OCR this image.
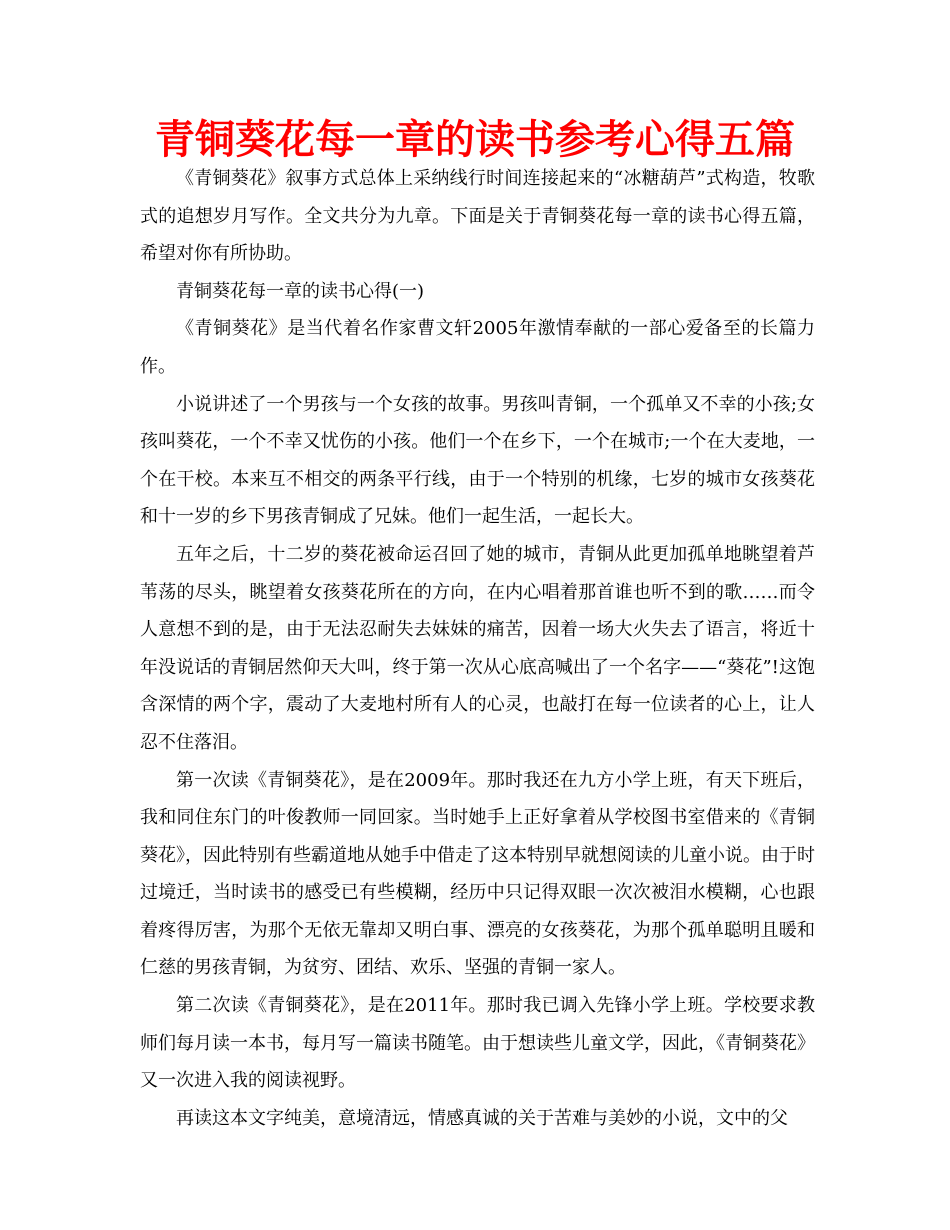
青铜葵花每一章的读书参考心得五篇

《青铜葵花》叙事方式总体上采纳线行时间连接起来的“冰糖葫芦”式构造，牧歌式的追想岁月写作。全文共分为九章。下面是关于青铜葵花每一章的读书心得五篇，希望对你有所协助。

青铜葵花每一章的读书心得(一)

《青铜葵花》是当代着名作家曹文轩2005年激情奉献的一部心爱备至的长篇力作。

小说讲述了一个男孩与一个女孩的故事。男孩叫青铜，一个孤单又不幸的小孩;女孩叫葵花，一个不幸又忧伤的小孩。他们一个在乡下，一个在城市;一个在大麦地，一个在干校。本来互不相交的两条平行线，由于一个特别的机缘，七岁的城市女孩葵花和十一岁的乡下男孩青铜成了兄妹。他们一起生活，一起长大。

五年之后，十二岁的葵花被命运召回了她的城市，青铜从此更加孤单地眺望着芦苇荡的尽头，眺望着女孩葵花所在的方向，在内心唱着那首谁也听不到的歌……而令人意想不到的是，由于无法忍耐失去妹妹的痛苦，因着一场大火失去了语言，将近十年没说话的青铜居然仰天大叫，终于第一次从心底高喊出了一个名字——“葵花”!这饱含深情的两个字，震动了大麦地村所有人的心灵，也敲打在每一位读者的心上，让人忍不住落泪。

第一次读《青铜葵花》，是在2009年。那时我还在九方小学上班，有天下班后，我和同住东门的叶俊教师一同回家。当时她手上正好拿着从学校图书室借来的《青铜葵花》，因此特别有些霸道地从她手中借走了这本特别早就想阅读的儿童小说。由于时过境迁，当时读书的感受已有些模糊，经历中只记得双眼一次次被泪水模糊，心也跟着疼得厉害，为那个无依无靠却又明白事、漂亮的女孩葵花，为那个孤单聪明且暖和仁慈的男孩青铜，为贫穷、团结、欢乐、坚强的青铜一家人。

第二次读《青铜葵花》，是在2011年。那时我已调入先锋小学上班。学校要求教师们每月读一本书，每月写一篇读书随笔。由于想读些儿童文学，因此，《青铜葵花》又一次进入我的阅读视野。

再读这本文字纯美，意境清远，情感真诚的关于苦难与美妙的小说，文中的父
